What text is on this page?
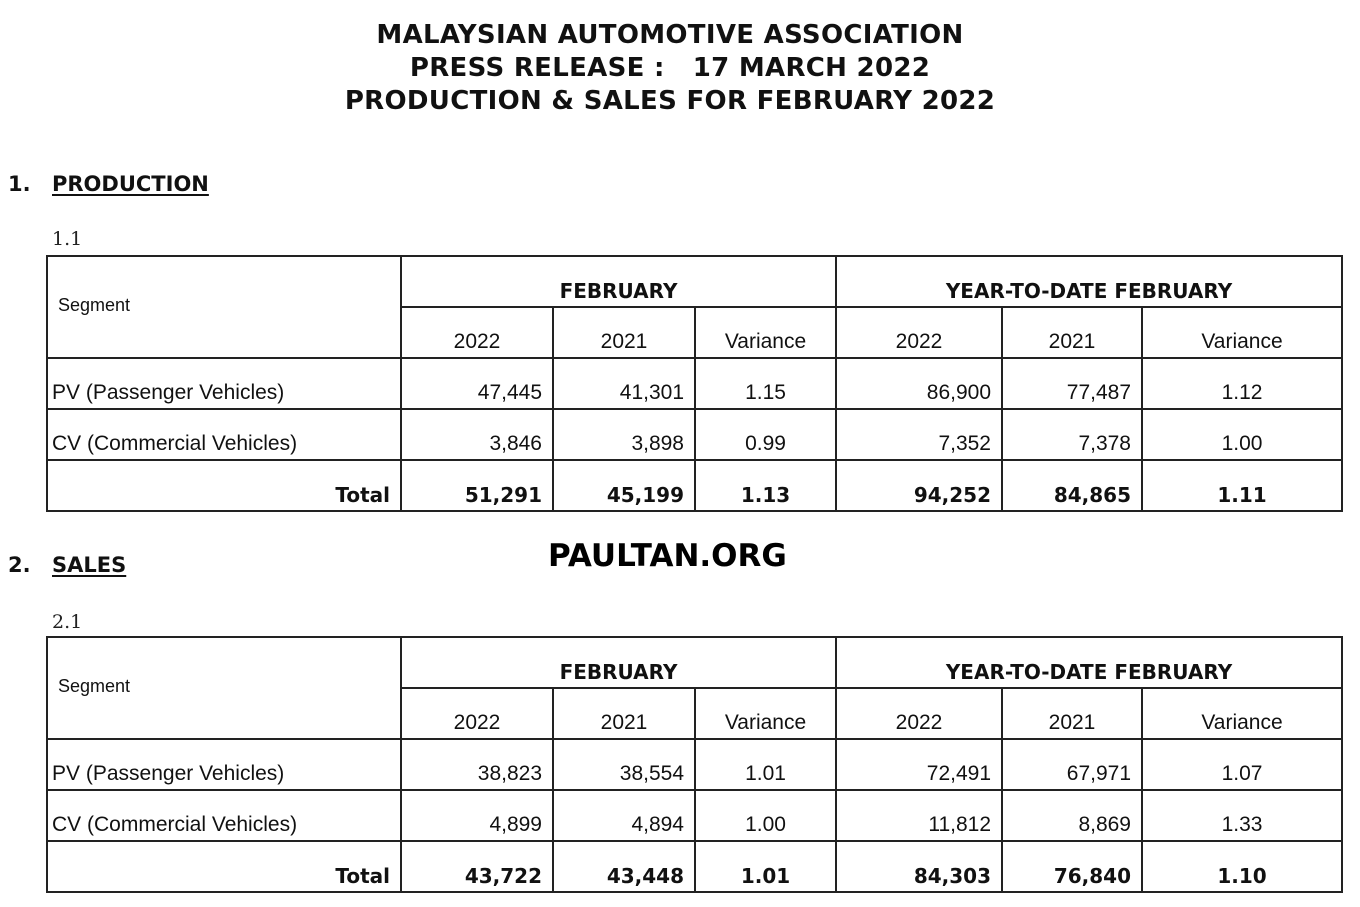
MALAYSIAN AUTOMOTIVE ASSOCIATION
PRESS RELEASE : 17 MARCH 2022
PRODUCTION & SALES FOR FEBRUARY 2022
1. PRODUCTION
1.1
Segment	FEBRUARY			YEAR-TO-DATE FEBRUARY		
	2022	2021	Variance	2022	2021	Variance
PV (Passenger Vehicles)	47,445	41,301	1.15	86,900	77,487	1.12
CV (Commercial Vehicles)	3,846	3,898	0.99	7,352	7,378	1.00
Total	51,291	45,199	1.13	94,252	84,865	1.11
2. SALES	PAULTAN.ORG
2.1
Segment	FEBRUARY			YEAR-TO-DATE FEBRUARY		
	2022	2021	Variance	2022	2021	Variance
PV (Passenger Vehicles)	38,823	38,554	1.01	72,491	67,971	1.07
CV (Commercial Vehicles)	4,899	4,894	1.00	11,812	8,869	1.33
Total	43,722	43,448	1.01	84,303	76,840	1.10
